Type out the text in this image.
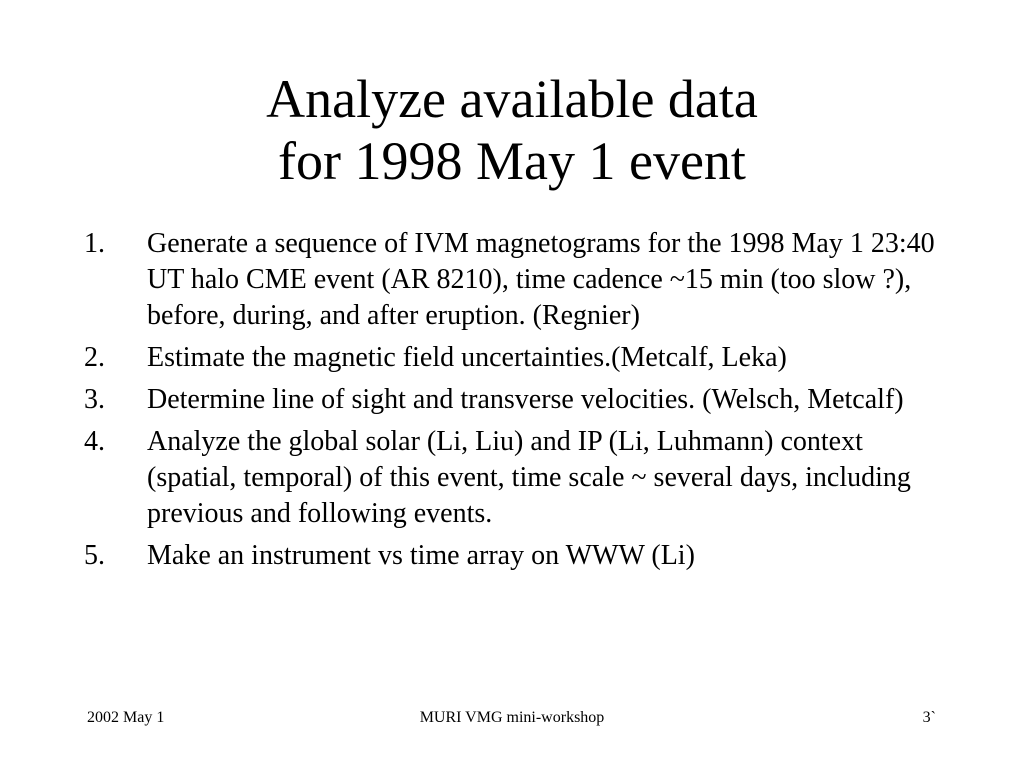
Analyze available data
for 1998 May 1 event
1.	Generate a sequence of IVM magnetograms for the 1998 May 1 23:40 UT halo CME event (AR 8210), time cadence ~15 min (too slow ?), before, during, and after eruption. (Regnier)
2.	Estimate the magnetic field uncertainties.(Metcalf, Leka)
3.	Determine line of sight and transverse velocities. (Welsch, Metcalf)
4.	Analyze the global solar (Li, Liu) and IP (Li, Luhmann) context (spatial, temporal) of this event, time scale ~ several days, including previous and following events.
5.	Make an instrument vs time array on WWW (Li)
2002 May 1	MURI VMG mini-workshop	3`
